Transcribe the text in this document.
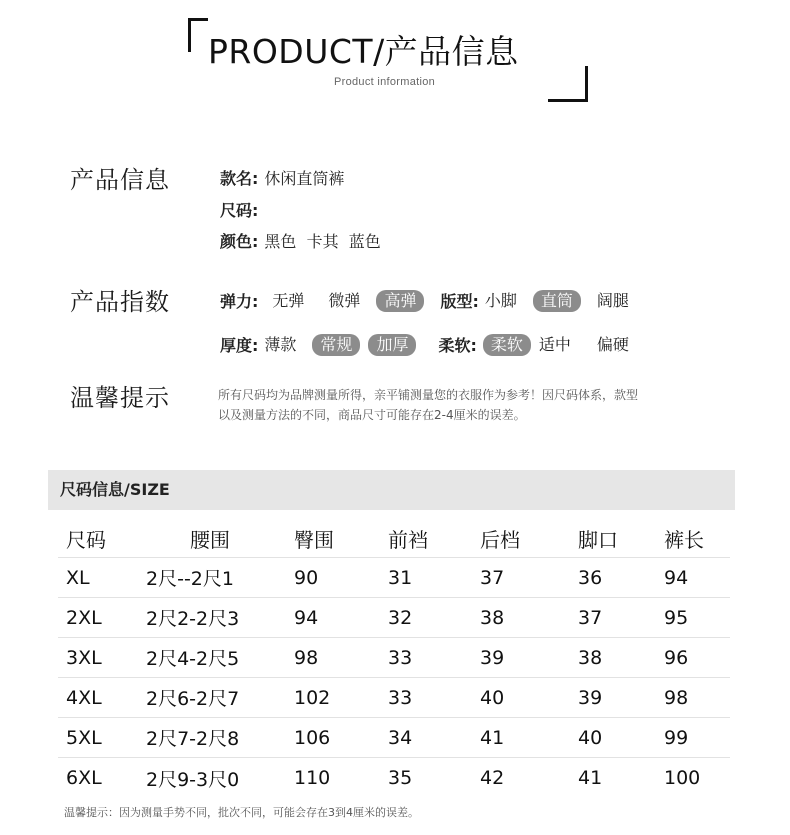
PRODUCT/产品信息
Product information
产品信息	款名: 休闲直筒裤
尺码:
颜色: 黑色  卡其  蓝色
产品指数	弹力: 无弹	微弹	高弹	版型: 小脚	直筒	阔腿
厚度: 薄款	常规	加厚	柔软: 柔软	适中	偏硬
温馨提示	所有尺码均为品牌测量所得，亲平铺测量您的衣服作为参考！因尺码体系，款型以及测量方法的不同，商品尺寸可能存在2-4厘米的误差。
尺码信息/SIZE
尺码	腰围	臀围	前裆	后档	脚口	裤长
XL	2尺--2尺1	90	31	37	36	94
2XL	2尺2-2尺3	94	32	38	37	95
3XL	2尺4-2尺5	98	33	39	38	96
4XL	2尺6-2尺7	102	33	40	39	98
5XL	2尺7-2尺8	106	34	41	40	99
6XL	2尺9-3尺0	110	35	42	41	100
温馨提示：因为测量手势不同，批次不同，可能会存在3到4厘米的误差。
